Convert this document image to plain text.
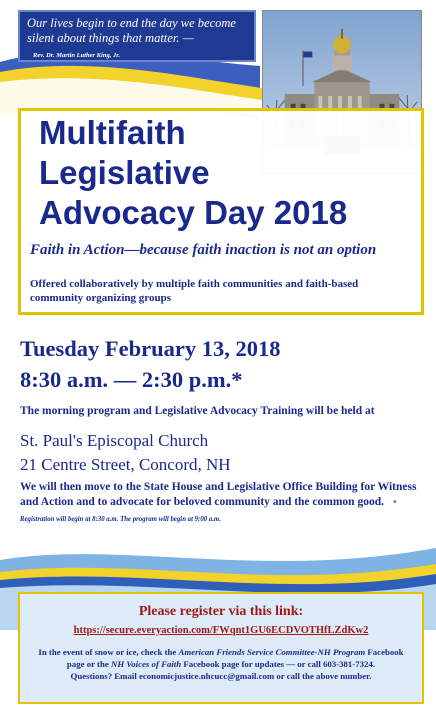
Our lives begin to end the day we become silent about things that matter. — Rev. Dr. Martin Luther King, Jr.
Multifaith
Legislative
Advocacy Day 2018
Faith in Action—because faith inaction is not an option
Offered collaboratively by multiple faith communities and faith-based community organizing groups
Tuesday February 13, 2018
8:30 a.m. — 2:30 p.m.*
The morning program and Legislative Advocacy Training will be held at
St. Paul's Episcopal Church
21 Centre Street, Concord, NH
We will then move to the State House and Legislative Office Building for Witness and Action and to advocate for beloved community and the common good. * Registration will begin at 8:30 a.m. The program will begin at 9:00 a.m.
Please register via this link:
https://secure.everyaction.com/FWqnt1GU6ECDVOTHfLZdKw2
In the event of snow or ice, check the American Friends Service Committee-NH Program Facebook page or the NH Voices of Faith Facebook page for updates — or call 603-381-7324.
Questions? Email economicjustice.nhcucc@gmail.com or call the above number.
